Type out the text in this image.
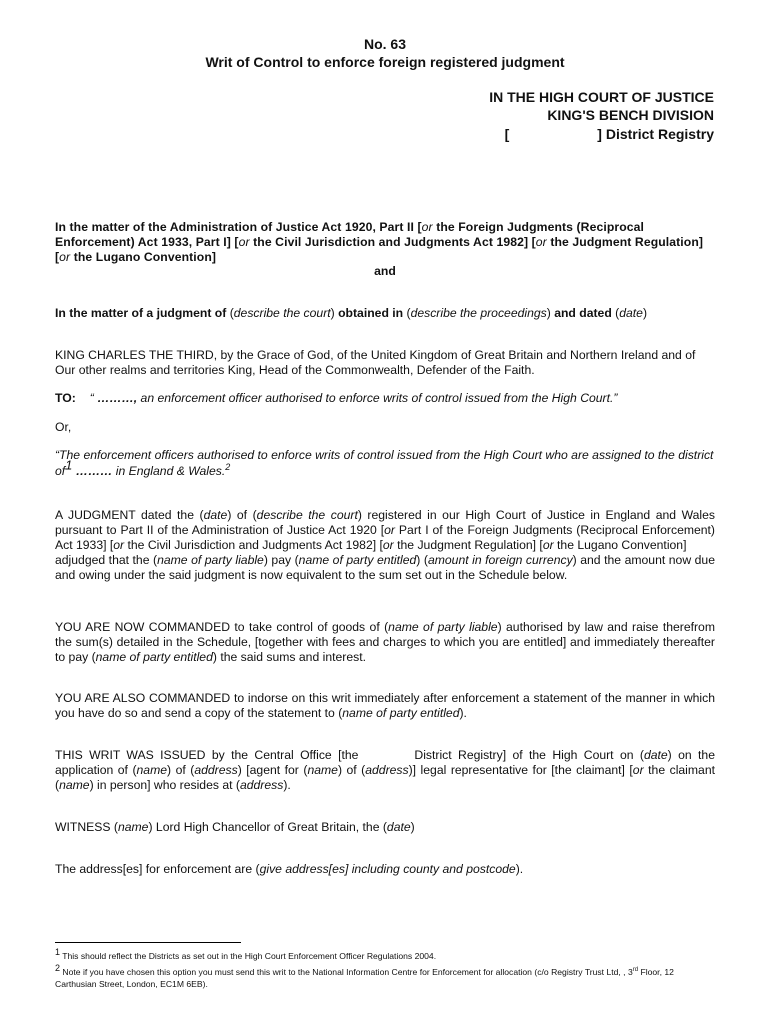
No. 63
Writ of Control to enforce foreign registered judgment
IN THE HIGH COURT OF JUSTICE
KING'S BENCH DIVISION
[	] District Registry
In the matter of the Administration of Justice Act 1920, Part II [or the Foreign Judgments (Reciprocal Enforcement) Act 1933, Part I] [or the Civil Jurisdiction and Judgments Act 1982] [or the Judgment Regulation] [or the Lugano Convention]
and
In the matter of a judgment of (describe the court) obtained in (describe the proceedings) and dated (date)
KING CHARLES THE THIRD, by the Grace of God, of the United Kingdom of Great Britain and Northern Ireland and of Our other realms and territories King, Head of the Commonwealth, Defender of the Faith.
TO: “ ………, an enforcement officer authorised to enforce writs of control issued from the High Court.”
Or,
“The enforcement officers authorised to enforce writs of control issued from the High Court who are assigned to the district $of^1$ ……… in England & Wales.$^2$
A JUDGMENT dated the (date) of (describe the court) registered in our High Court of Justice in England and Wales pursuant to Part II of the Administration of Justice Act 1920 [or Part I of the Foreign Judgments (Reciprocal Enforcement) Act 1933] [or the Civil Jurisdiction and Judgments Act 1982] [or the Judgment Regulation] [or the Lugano Convention]
adjudged that the (name of party liable) pay (name of party entitled) (amount in foreign currency) and the amount now due and owing under the said judgment is now equivalent to the sum set out in the Schedule below.
YOU ARE NOW COMMANDED to take control of goods of (name of party liable) authorised by law and raise therefrom the sum(s) detailed in the Schedule, [together with fees and charges to which you are entitled] and immediately thereafter to pay (name of party entitled) the said sums and interest.
YOU ARE ALSO COMMANDED to indorse on this writ immediately after enforcement a statement of the manner in which you have do so and send a copy of the statement to (name of party entitled).
THIS WRIT WAS ISSUED by the Central Office [the	District Registry] of the High Court on (date) on the application of (name) of (address) [agent for (name) of (address)] legal representative for [the claimant] [or the claimant (name) in person] who resides at (address).
WITNESS (name) Lord High Chancellor of Great Britain, the (date)
The address[es] for enforcement are (give address[es] including county and postcode).
$^1$ This should reflect the Districts as set out in the High Court Enforcement Officer Regulations 2004.
$^2$ Note if you have chosen this option you must send this writ to the National Information Centre for Enforcement for allocation (c/o Registry Trust Ltd, , 3rd Floor, 12 Carthusian Street, London, EC1M 6EB).
